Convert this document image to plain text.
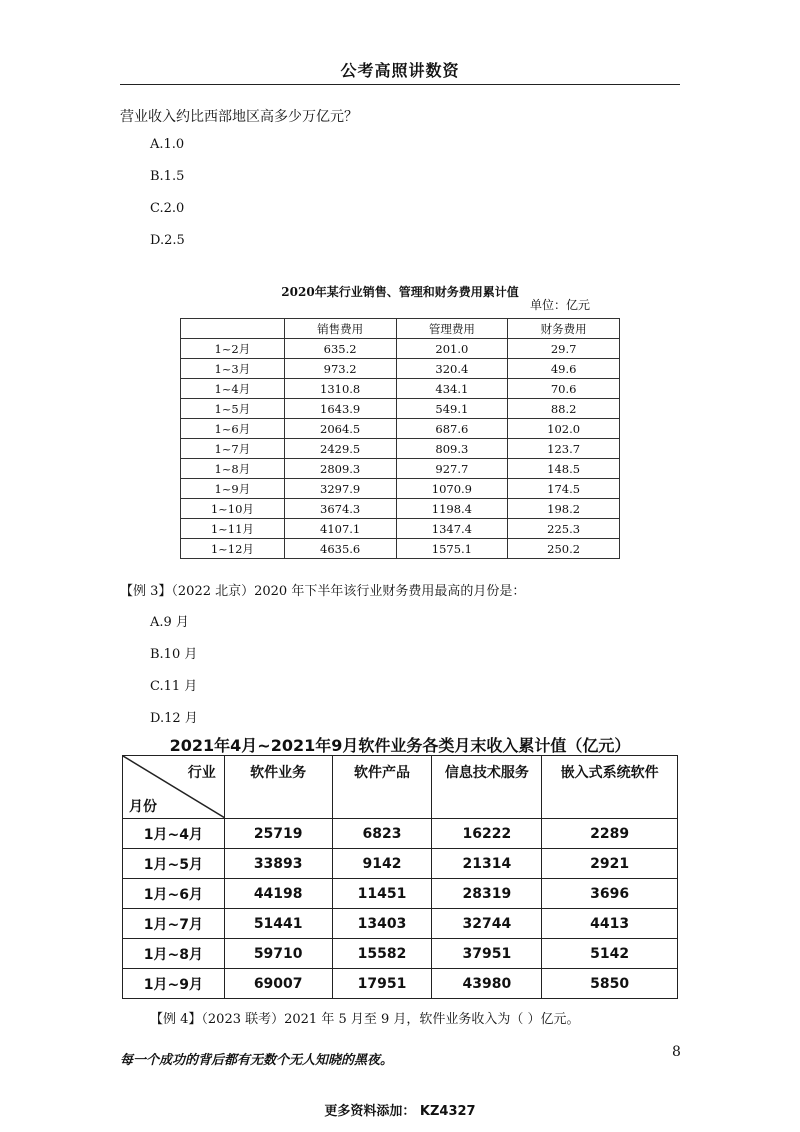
公考高照讲数资
营业收入约比西部地区高多少万亿元？
A.1.0
B.1.5
C.2.0
D.2.5
2020年某行业销售、管理和财务费用累计值
单位：亿元
	销售费用	管理费用	财务费用
1~2月	635.2	201.0	29.7
1~3月	973.2	320.4	49.6
1~4月	1310.8	434.1	70.6
1~5月	1643.9	549.1	88.2
1~6月	2064.5	687.6	102.0
1~7月	2429.5	809.3	123.7
1~8月	2809.3	927.7	148.5
1~9月	3297.9	1070.9	174.5
1~10月	3674.3	1198.4	198.2
1~11月	4107.1	1347.4	225.3
1~12月	4635.6	1575.1	250.2
【例 3】（2022 北京）2020 年下半年该行业财务费用最高的月份是：
A.9 月
B.10 月
C.11 月
D.12 月
2021年4月~2021年9月软件业务各类月末收入累计值（亿元）
行业
月份	软件业务	软件产品	信息技术服务	嵌入式系统软件
1月~4月	25719	6823	16222	2289
1月~5月	33893	9142	21314	2921
1月~6月	44198	11451	28319	3696
1月~7月	51441	13403	32744	4413
1月~8月	59710	15582	37951	5142
1月~9月	69007	17951	43980	5850
【例 4】（2023 联考）2021 年 5 月至 9 月，软件业务收入为（ ）亿元。
每一个成功的背后都有无数个无人知晓的黑夜。
8
更多资料添加： KZ4327
